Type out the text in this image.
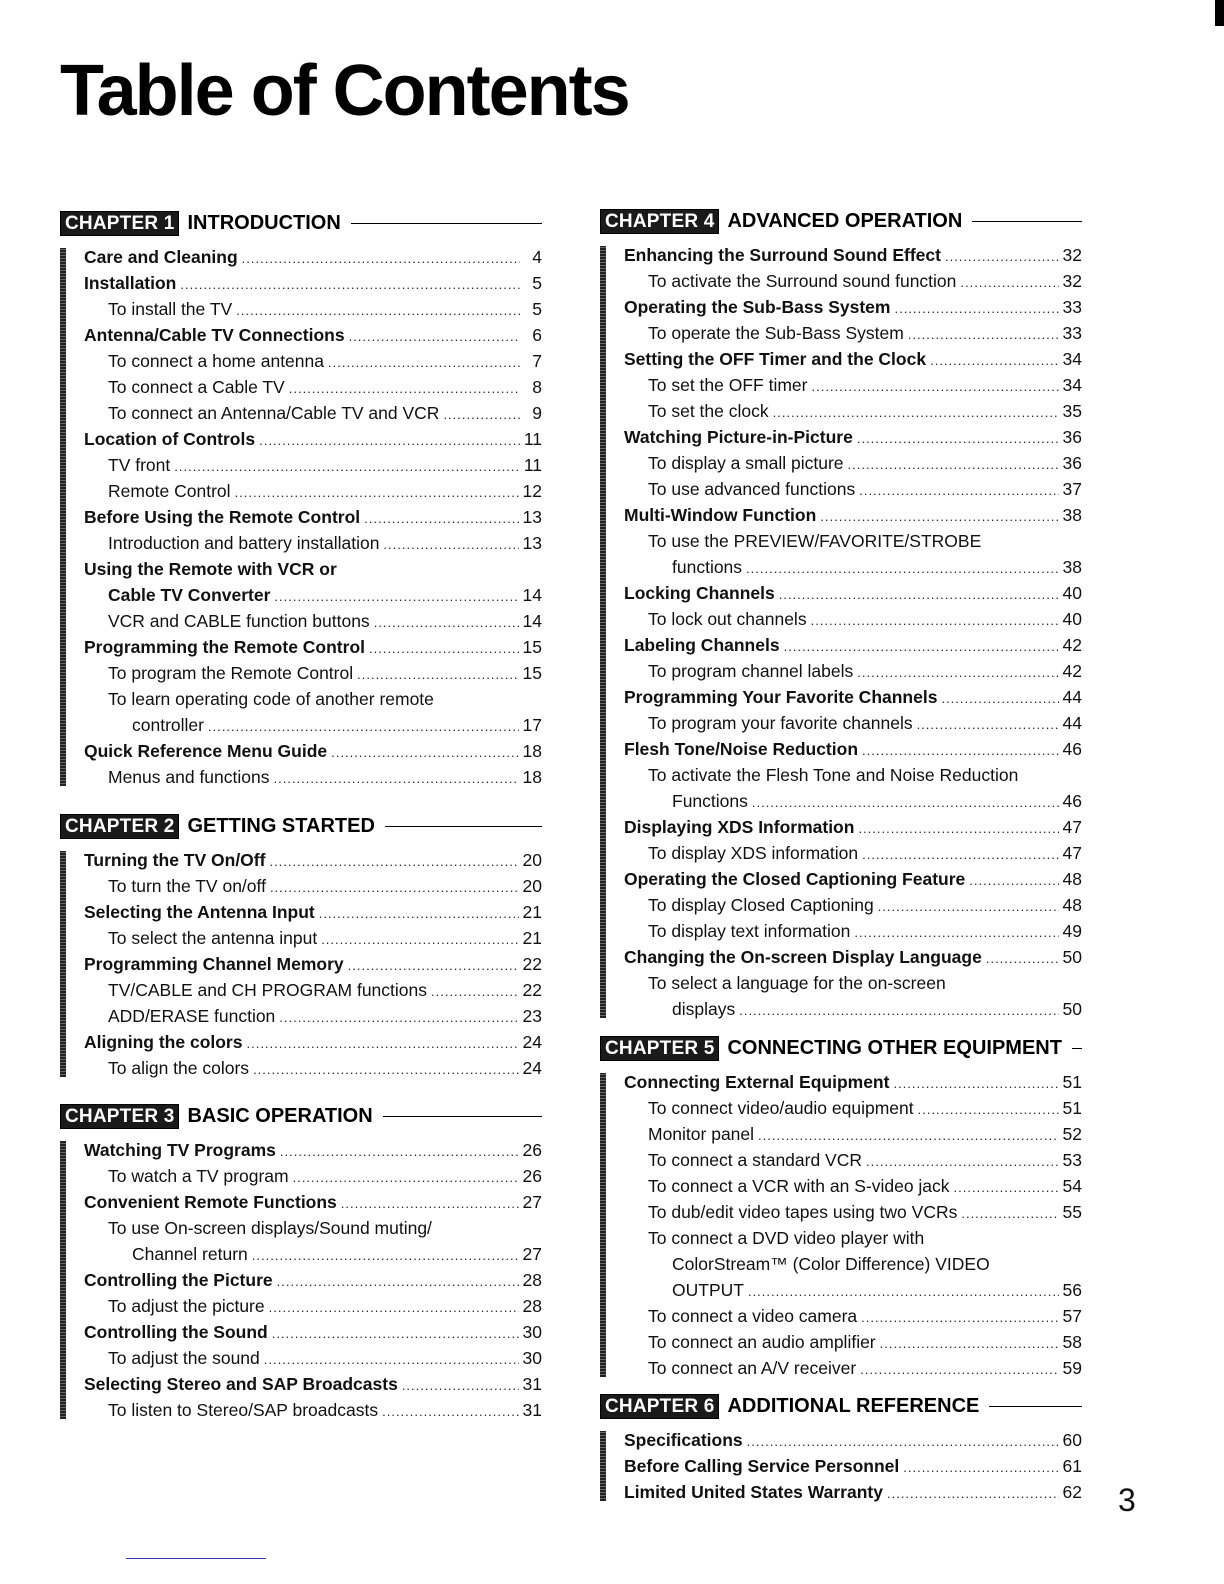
Table of Contents
CHAPTER 1 INTRODUCTION
Care and Cleaning .....	4
Installation .....	5
To install the TV .....	5
Antenna/Cable TV Connections .....	6
To connect a home antenna .....	7
To connect a Cable TV .....	8
To connect an Antenna/Cable TV and VCR .....	9
Location of Controls .....	11
TV front .....	11
Remote Control .....	12
Before Using the Remote Control .....	13
Introduction and battery installation .....	13
Using the Remote with VCR or
Cable TV Converter .....	14
VCR and CABLE function buttons .....	14
Programming the Remote Control .....	15
To program the Remote Control .....	15
To learn operating code of another remote
controller .....	17
Quick Reference Menu Guide .....	18
Menus and functions .....	18
CHAPTER 2 GETTING STARTED
Turning the TV On/Off .....	20
To turn the TV on/off .....	20
Selecting the Antenna Input .....	21
To select the antenna input .....	21
Programming Channel Memory .....	22
TV/CABLE and CH PROGRAM functions .....	22
ADD/ERASE function .....	23
Aligning the colors .....	24
To align the colors .....	24
CHAPTER 3 BASIC OPERATION
Watching TV Programs .....	26
To watch a TV program .....	26
Convenient Remote Functions .....	27
To use On-screen displays/Sound muting/
Channel return .....	27
Controlling the Picture .....	28
To adjust the picture .....	28
Controlling the Sound .....	30
To adjust the sound .....	30
Selecting Stereo and SAP Broadcasts .....	31
To listen to Stereo/SAP broadcasts .....	31
CHAPTER 4 ADVANCED OPERATION
Enhancing the Surround Sound Effect .....	32
To activate the Surround sound function .....	32
Operating the Sub-Bass System .....	33
To operate the Sub-Bass System .....	33
Setting the OFF Timer and the Clock .....	34
To set the OFF timer .....	34
To set the clock .....	35
Watching Picture-in-Picture .....	36
To display a small picture .....	36
To use advanced functions .....	37
Multi-Window Function .....	38
To use the PREVIEW/FAVORITE/STROBE
functions .....	38
Locking Channels .....	40
To lock out channels .....	40
Labeling Channels .....	42
To program channel labels .....	42
Programming Your Favorite Channels .....	44
To program your favorite channels .....	44
Flesh Tone/Noise Reduction .....	46
To activate the Flesh Tone and Noise Reduction
Functions .....	46
Displaying XDS Information .....	47
To display XDS information .....	47
Operating the Closed Captioning Feature .....	48
To display Closed Captioning .....	48
To display text information .....	49
Changing the On-screen Display Language .....	50
To select a language for the on-screen
displays .....	50
CHAPTER 5 CONNECTING OTHER EQUIPMENT
Connecting External Equipment .....	51
To connect video/audio equipment .....	51
Monitor panel .....	52
To connect a standard VCR .....	53
To connect a VCR with an S-video jack .....	54
To dub/edit video tapes using two VCRs .....	55
To connect a DVD video player with
ColorStream™ (Color Difference) VIDEO
OUTPUT .....	56
To connect a video camera .....	57
To connect an audio amplifier .....	58
To connect an A/V receiver .....	59
CHAPTER 6 ADDITIONAL REFERENCE
Specifications .....	60
Before Calling Service Personnel .....	61
Limited United States Warranty .....	62 3
